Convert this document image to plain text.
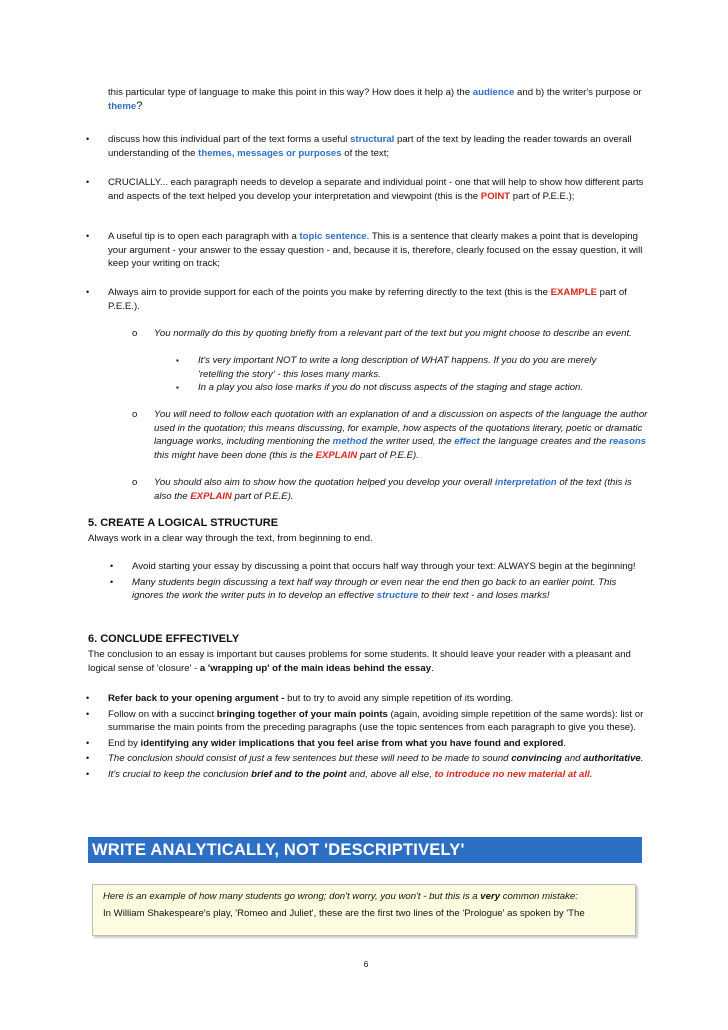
this particular type of language to make this point in this way? How does it help a) the audience and b) the writer's purpose or theme?
• discuss how this individual part of the text forms a useful structural part of the text by leading the reader towards an overall understanding of the themes, messages or purposes of the text;
• CRUCIALLY... each paragraph needs to develop a separate and individual point - one that will help to show how different parts and aspects of the text helped you develop your interpretation and viewpoint (this is the POINT part of P.E.E.);
• A useful tip is to open each paragraph with a topic sentence. This is a sentence that clearly makes a point that is developing your argument - your answer to the essay question - and, because it is, therefore, clearly focused on the essay question, it will keep your writing on track;
• Always aim to provide support for each of the points you make by referring directly to the text (this is the EXAMPLE part of P.E.E.).
o You normally do this by quoting briefly from a relevant part of the text but you might choose to describe an event.
▪ It's very important NOT to write a long description of WHAT happens. If you do you are merely 'retelling the story' - this loses many marks.
▪ In a play you also lose marks if you do not discuss aspects of the staging and stage action.
o You will need to follow each quotation with an explanation of and a discussion on aspects of the language the author used in the quotation; this means discussing, for example, how aspects of the quotations literary, poetic or dramatic language works, including mentioning the method the writer used, the effect the language creates and the reasons this might have been done (this is the EXPLAIN part of P.E.E).
o You should also aim to show how the quotation helped you develop your overall interpretation of the text (this is also the EXPLAIN part of P.E.E).
5. CREATE A LOGICAL STRUCTURE
Always work in a clear way through the text, from beginning to end.
• Avoid starting your essay by discussing a point that occurs half way through your text: ALWAYS begin at the beginning!
• Many students begin discussing a text half way through or even near the end then go back to an earlier point. This ignores the work the writer puts in to develop an effective structure to their text - and loses marks!
6. CONCLUDE EFFECTIVELY
The conclusion to an essay is important but causes problems for some students. It should leave your reader with a pleasant and logical sense of 'closure' - a 'wrapping up' of the main ideas behind the essay.
• Refer back to your opening argument - but to try to avoid any simple repetition of its wording.
• Follow on with a succinct bringing together of your main points (again, avoiding simple repetition of the same words): list or summarise the main points from the preceding paragraphs (use the topic sentences from each paragraph to give you these).
• End by identifying any wider implications that you feel arise from what you have found and explored.
• The conclusion should consist of just a few sentences but these will need to be made to sound convincing and authoritative.
• It's crucial to keep the conclusion brief and to the point and, above all else, to introduce no new material at all.
WRITE ANALYTICALLY, NOT 'DESCRIPTIVELY'
Here is an example of how many students go wrong; don't worry, you won't - but this is a very common mistake:
In William Shakespeare's play, 'Romeo and Juliet', these are the first two lines of the 'Prologue' as spoken by 'The
6
